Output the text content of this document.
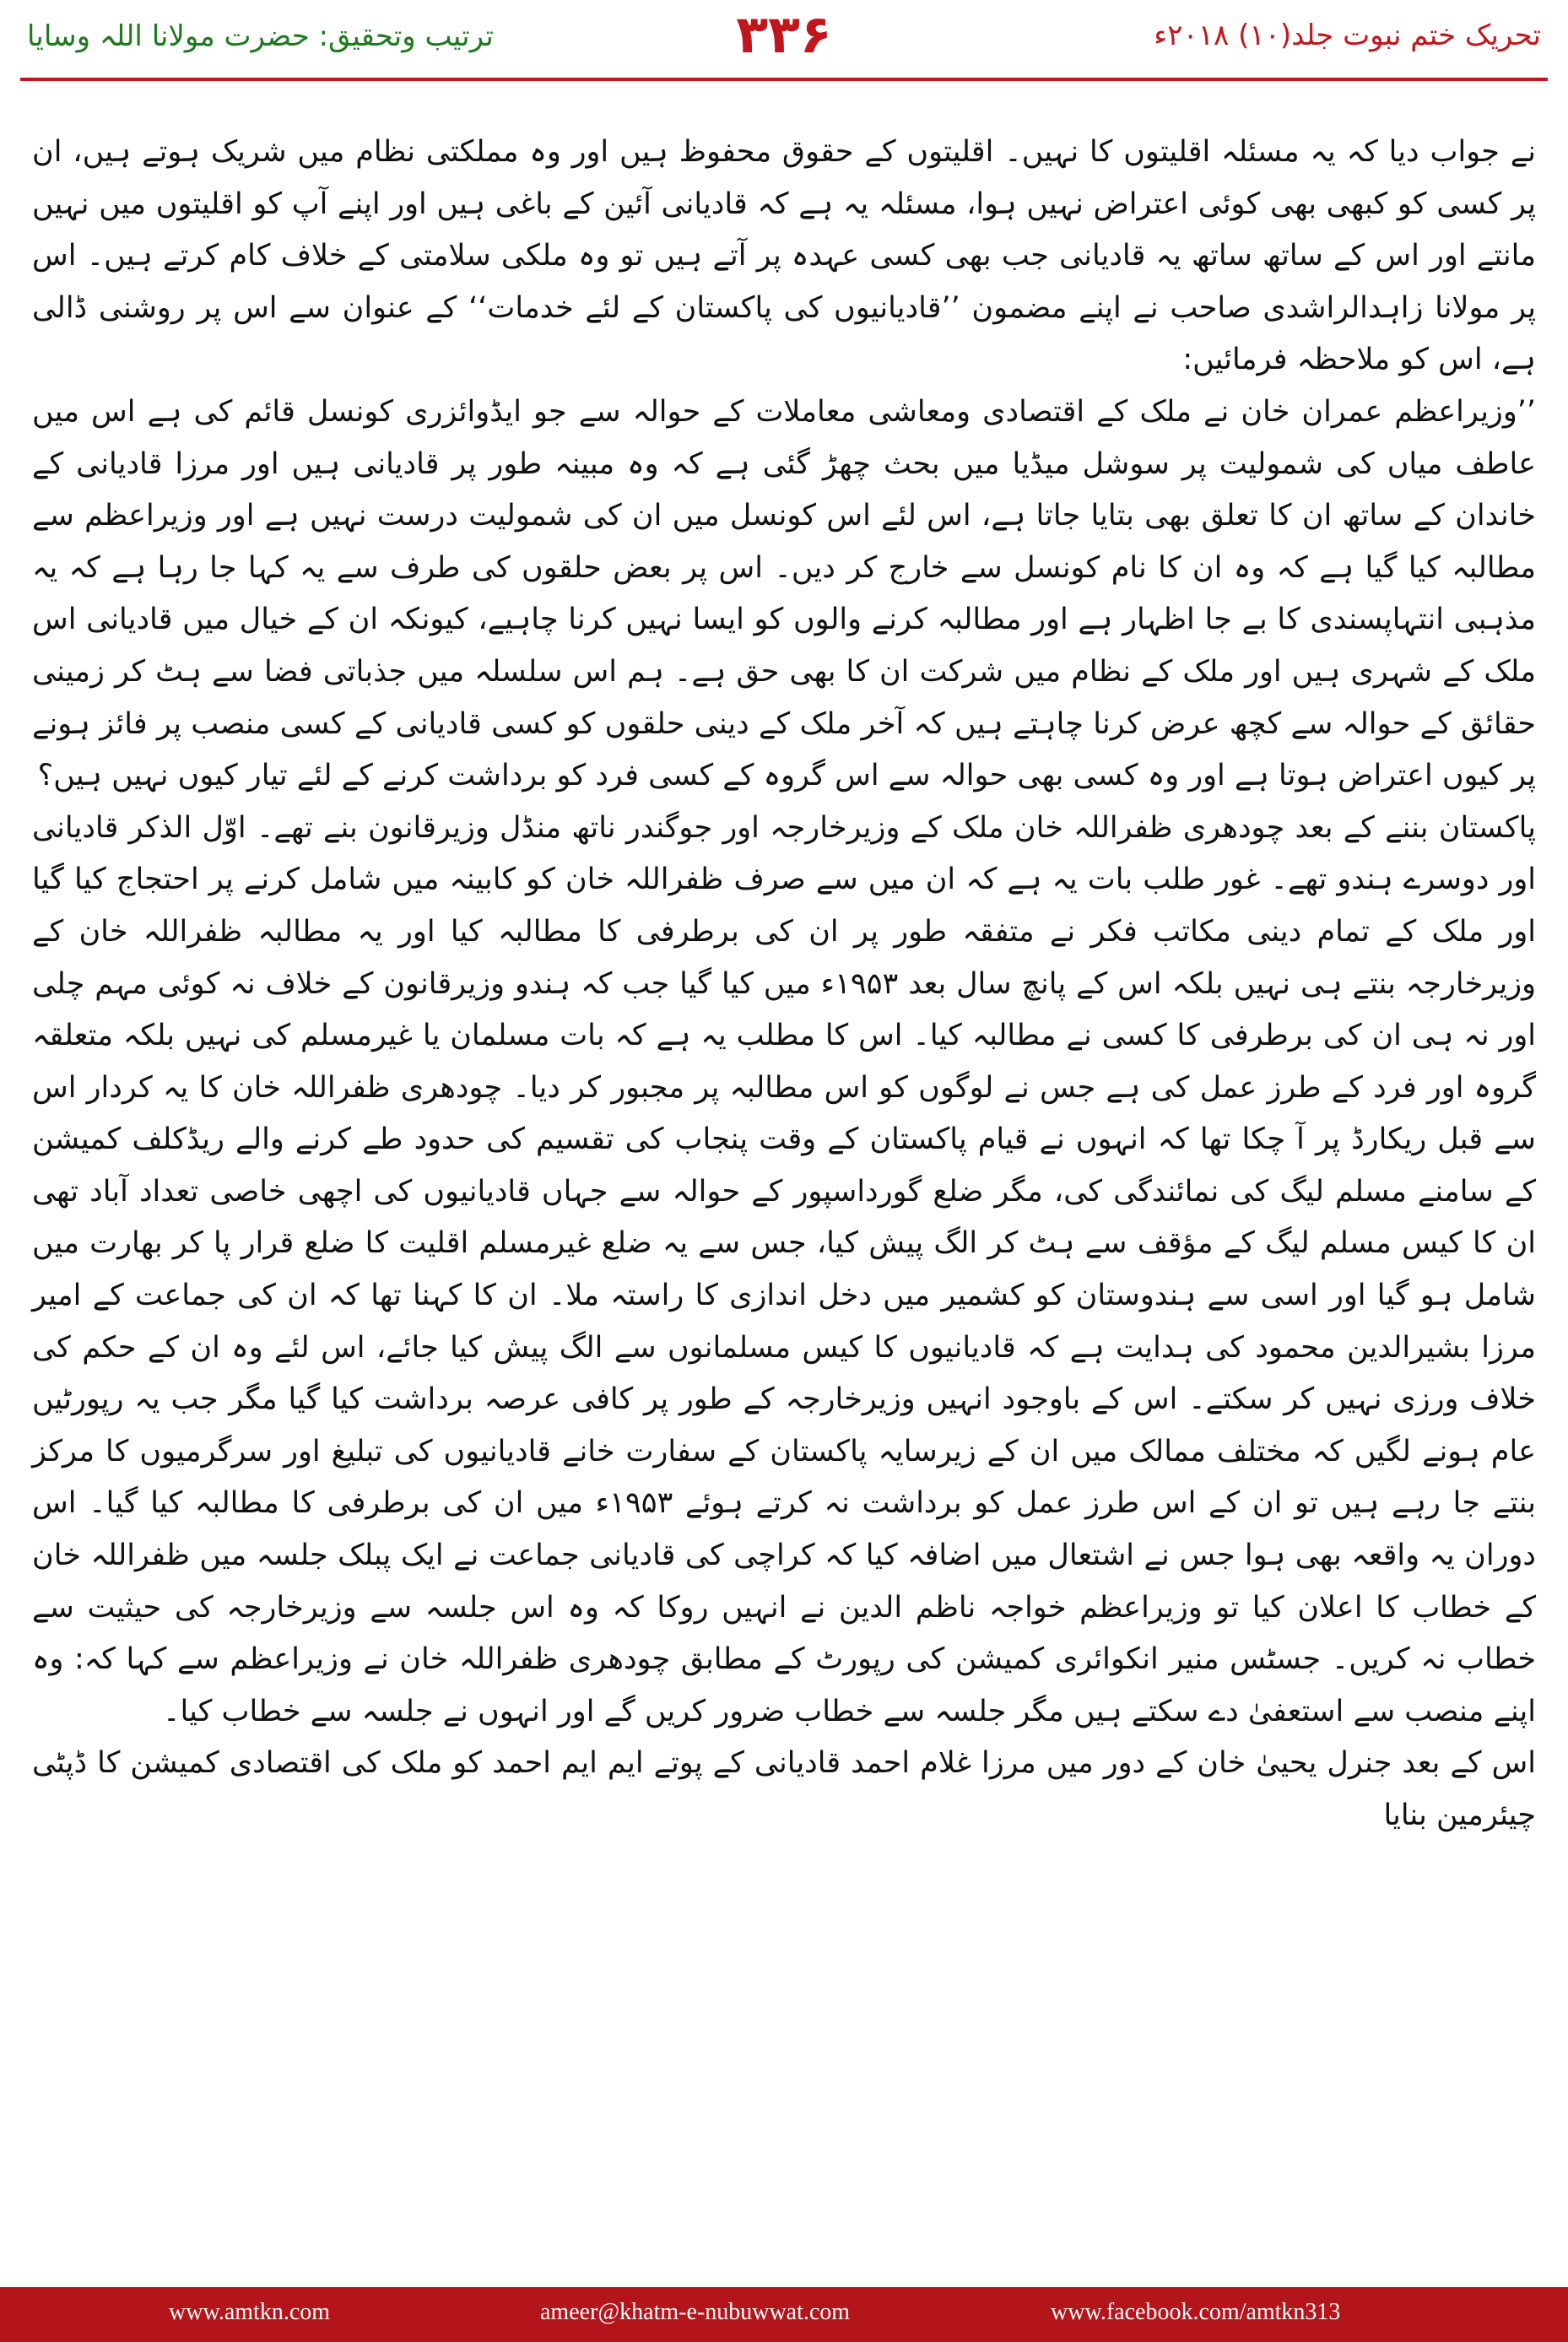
ترتیب وتحقیق: حضرت مولانا اللہ وسایا	۳۳۶	تحریک ختم نبوت جلد(۱۰) ۲۰۱۸ء

نے جواب دیا کہ یہ مسئلہ اقلیتوں کا نہیں۔ اقلیتوں کے حقوق محفوظ ہیں اور وہ مملکتی نظام میں شریک ہوتے ہیں، ان پر کسی کو کبھی بھی کوئی اعتراض نہیں ہوا، مسئلہ یہ ہے کہ قادیانی آئین کے باغی ہیں اور اپنے آپ کو اقلیتوں میں نہیں مانتے اور اس کے ساتھ ساتھ یہ قادیانی جب بھی کسی عہدہ پر آتے ہیں تو وہ ملکی سلامتی کے خلاف کام کرتے ہیں۔ اس پر مولانا زاہدالراشدی صاحب نے اپنے مضمون ’’قادیانیوں کی پاکستان کے لئے خدمات‘‘ کے عنوان سے اس پر روشنی ڈالی ہے، اس کو ملاحظہ فرمائیں:

’’وزیراعظم عمران خان نے ملک کے اقتصادی ومعاشی معاملات کے حوالہ سے جو ایڈوائزری کونسل قائم کی ہے اس میں عاطف میاں کی شمولیت پر سوشل میڈیا میں بحث چھڑ گئی ہے کہ وہ مبینہ طور پر قادیانی ہیں اور مرزا قادیانی کے خاندان کے ساتھ ان کا تعلق بھی بتایا جاتا ہے، اس لئے اس کونسل میں ان کی شمولیت درست نہیں ہے اور وزیراعظم سے مطالبہ کیا گیا ہے کہ وہ ان کا نام کونسل سے خارج کر دیں۔ اس پر بعض حلقوں کی طرف سے یہ کہا جا رہا ہے کہ یہ مذہبی انتہاپسندی کا بے جا اظہار ہے اور مطالبہ کرنے والوں کو ایسا نہیں کرنا چاہیے، کیونکہ ان کے خیال میں قادیانی اس ملک کے شہری ہیں اور ملک کے نظام میں شرکت ان کا بھی حق ہے۔ ہم اس سلسلہ میں جذباتی فضا سے ہٹ کر زمینی حقائق کے حوالہ سے کچھ عرض کرنا چاہتے ہیں کہ آخر ملک کے دینی حلقوں کو کسی قادیانی کے کسی منصب پر فائز ہونے پر کیوں اعتراض ہوتا ہے اور وہ کسی بھی حوالہ سے اس گروہ کے کسی فرد کو برداشت کرنے کے لئے تیار کیوں نہیں ہیں؟

پاکستان بننے کے بعد چودھری ظفراللہ خان ملک کے وزیرخارجہ اور جوگندر ناتھ منڈل وزیرقانون بنے تھے۔ اوّل الذکر قادیانی اور دوسرے ہندو تھے۔ غور طلب بات یہ ہے کہ ان میں سے صرف ظفراللہ خان کو کابینہ میں شامل کرنے پر احتجاج کیا گیا اور ملک کے تمام دینی مکاتب فکر نے متفقہ طور پر ان کی برطرفی کا مطالبہ کیا اور یہ مطالبہ ظفراللہ خان کے وزیرخارجہ بنتے ہی نہیں بلکہ اس کے پانچ سال بعد ۱۹۵۳ء میں کیا گیا جب کہ ہندو وزیرقانون کے خلاف نہ کوئی مہم چلی اور نہ ہی ان کی برطرفی کا کسی نے مطالبہ کیا۔ اس کا مطلب یہ ہے کہ بات مسلمان یا غیرمسلم کی نہیں بلکہ متعلقہ گروہ اور فرد کے طرز عمل کی ہے جس نے لوگوں کو اس مطالبہ پر مجبور کر دیا۔ چودھری ظفراللہ خان کا یہ کردار اس سے قبل ریکارڈ پر آ چکا تھا کہ انہوں نے قیام پاکستان کے وقت پنجاب کی تقسیم کی حدود طے کرنے والے ریڈکلف کمیشن کے سامنے مسلم لیگ کی نمائندگی کی، مگر ضلع گورداسپور کے حوالہ سے جہاں قادیانیوں کی اچھی خاصی تعداد آباد تھی ان کا کیس مسلم لیگ کے مؤقف سے ہٹ کر الگ پیش کیا، جس سے یہ ضلع غیرمسلم اقلیت کا ضلع قرار پا کر بھارت میں شامل ہو گیا اور اسی سے ہندوستان کو کشمیر میں دخل اندازی کا راستہ ملا۔ ان کا کہنا تھا کہ ان کی جماعت کے امیر مرزا بشیرالدین محمود کی ہدایت ہے کہ قادیانیوں کا کیس مسلمانوں سے الگ پیش کیا جائے، اس لئے وہ ان کے حکم کی خلاف ورزی نہیں کر سکتے۔ اس کے باوجود انہیں وزیرخارجہ کے طور پر کافی عرصہ برداشت کیا گیا مگر جب یہ رپورٹیں عام ہونے لگیں کہ مختلف ممالک میں ان کے زیرسایہ پاکستان کے سفارت خانے قادیانیوں کی تبلیغ اور سرگرمیوں کا مرکز بنتے جا رہے ہیں تو ان کے اس طرز عمل کو برداشت نہ کرتے ہوئے ۱۹۵۳ء میں ان کی برطرفی کا مطالبہ کیا گیا۔ اس دوران یہ واقعہ بھی ہوا جس نے اشتعال میں اضافہ کیا کہ کراچی کی قادیانی جماعت نے ایک پبلک جلسہ میں ظفراللہ خان کے خطاب کا اعلان کیا تو وزیراعظم خواجہ ناظم الدین نے انہیں روکا کہ وہ اس جلسہ سے وزیرخارجہ کی حیثیت سے خطاب نہ کریں۔ جسٹس منیر انکوائری کمیشن کی رپورٹ کے مطابق چودھری ظفراللہ خان نے وزیراعظم سے کہا کہ: وہ اپنے منصب سے استعفیٰ دے سکتے ہیں مگر جلسہ سے خطاب ضرور کریں گے اور انہوں نے جلسہ سے خطاب کیا۔

اس کے بعد جنرل یحییٰ خان کے دور میں مرزا غلام احمد قادیانی کے پوتے ایم ایم احمد کو ملک کی اقتصادی کمیشن کا ڈپٹی چیئرمین بنایا

www.amtkn.com	ameer@khatm-e-nubuwwat.com	www.facebook.com/amtkn313
